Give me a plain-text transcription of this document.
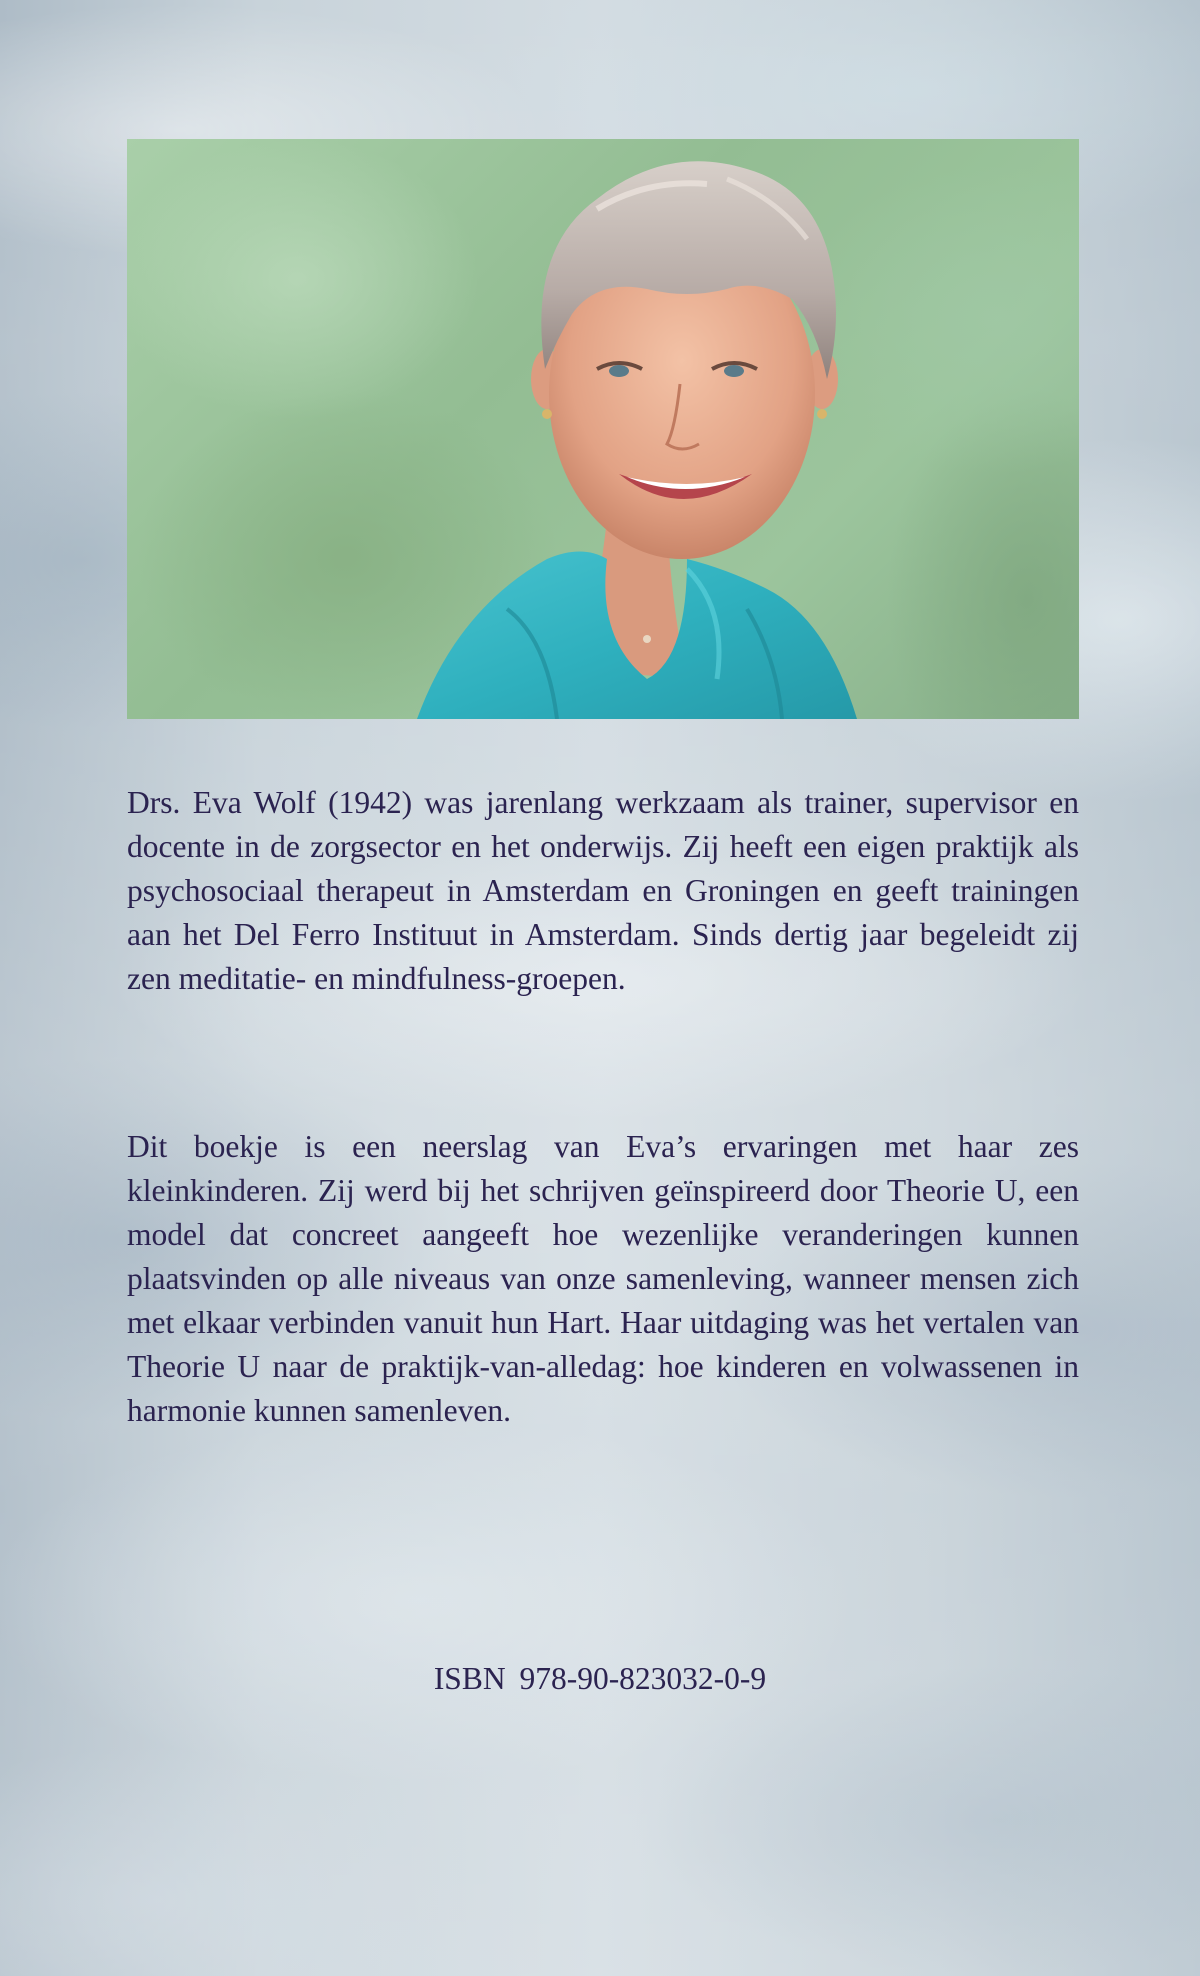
Drs. Eva Wolf (1942) was jarenlang werkzaam als trainer, supervisor en docente in de zorgsector en het onderwijs. Zij heeft een eigen praktijk als psychosociaal therapeut in Amsterdam en Groningen en geeft trainingen aan het Del Ferro Instituut in Amsterdam. Sinds dertig jaar begeleidt zij zen meditatie- en mindfulness-groepen.

Dit boekje is een neerslag van Eva’s ervaringen met haar zes kleinkinderen. Zij werd bij het schrijven geïnspireerd door Theorie U, een model dat concreet aangeeft hoe wezenlijke veranderingen kunnen plaatsvinden op alle niveaus van onze samenleving, wanneer mensen zich met elkaar verbinden vanuit hun Hart. Haar uitdaging was het vertalen van Theorie U naar de praktijk-van-alledag: hoe kinderen en volwassenen in harmonie kunnen samenleven.

ISBN 978-90-823032-0-9
